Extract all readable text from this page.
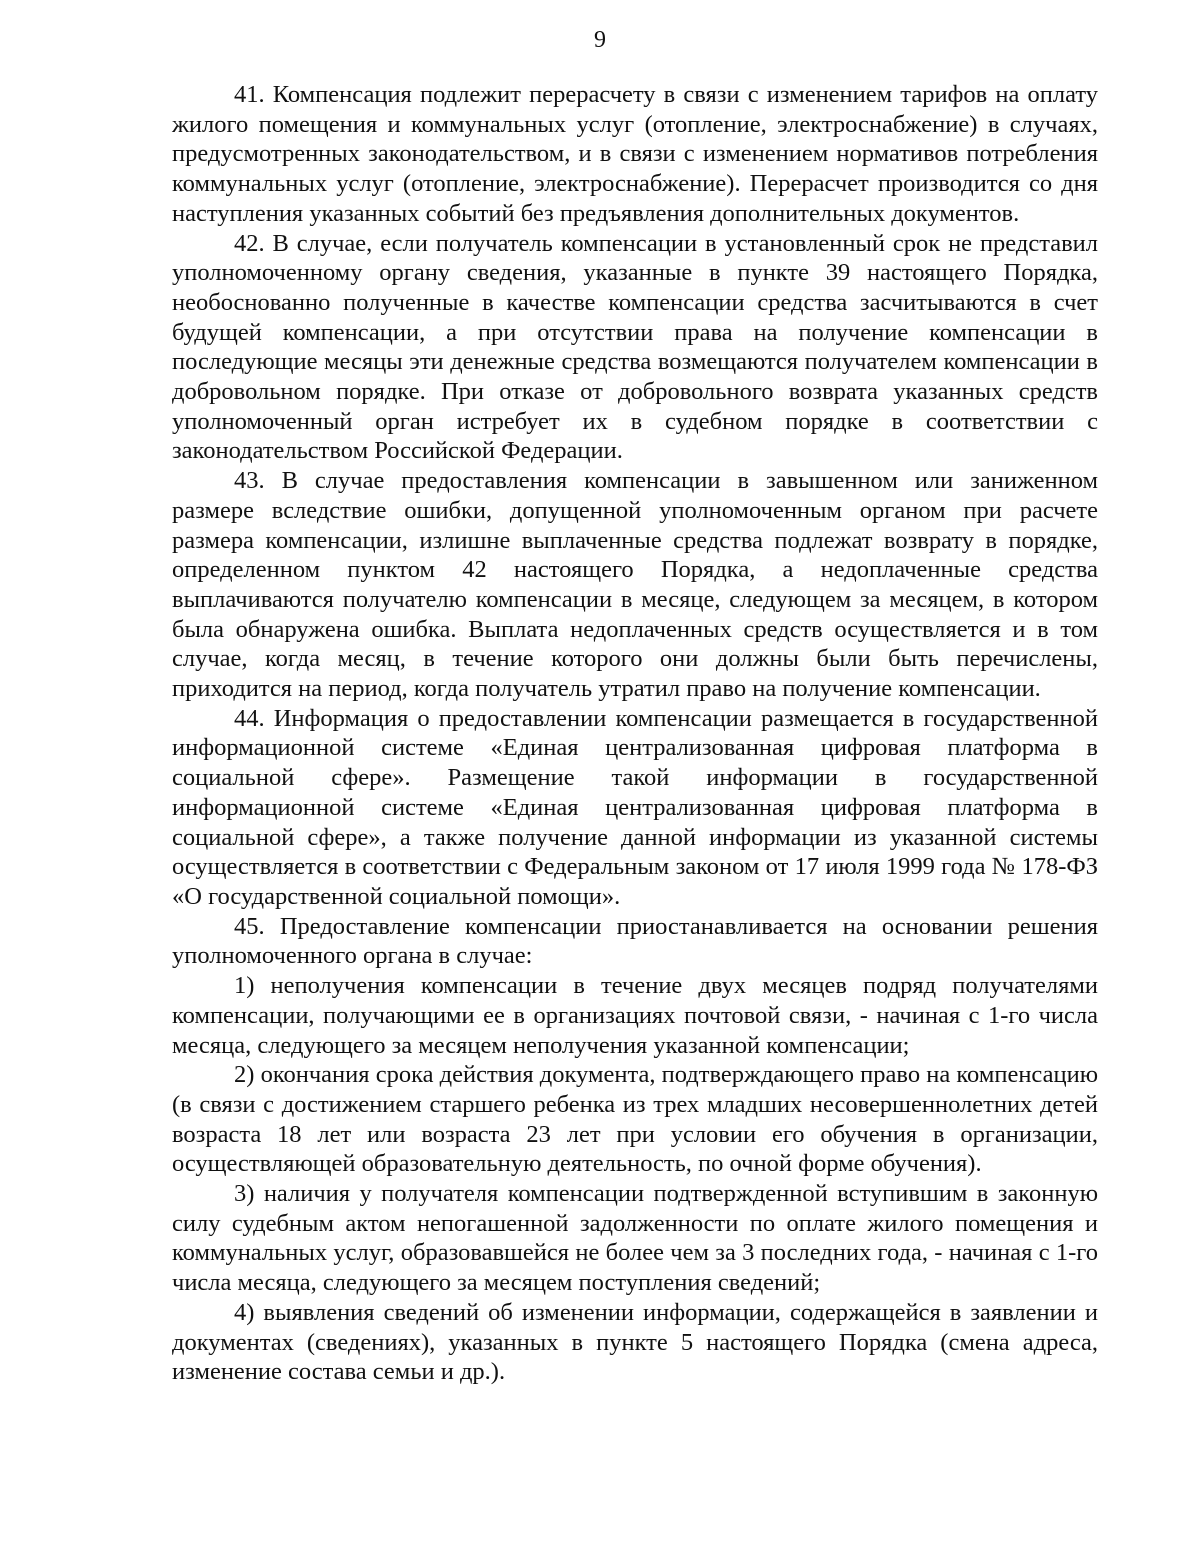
9

41. Компенсация подлежит перерасчету в связи с изменением тарифов на оплату жилого помещения и коммунальных услуг (отопление, электроснабжение) в случаях, предусмотренных законодательством, и в связи с изменением нормативов потребления коммунальных услуг (отопление, электроснабжение). Перерасчет производится со дня наступления указанных событий без предъявления дополнительных документов.

42. В случае, если получатель компенсации в установленный срок не представил уполномоченному органу сведения, указанные в пункте 39 настоящего Порядка, необоснованно полученные в качестве компенсации средства засчитываются в счет будущей компенсации, а при отсутствии права на получение компенсации в последующие месяцы эти денежные средства возмещаются получателем компенсации в добровольном порядке. При отказе от добровольного возврата указанных средств уполномоченный орган истребует их в судебном порядке в соответствии с законодательством Российской Федерации.

43. В случае предоставления компенсации в завышенном или заниженном размере вследствие ошибки, допущенной уполномоченным органом при расчете размера компенсации, излишне выплаченные средства подлежат возврату в порядке, определенном пунктом 42 настоящего Порядка, а недоплаченные средства выплачиваются получателю компенсации в месяце, следующем за месяцем, в котором была обнаружена ошибка. Выплата недоплаченных средств осуществляется и в том случае, когда месяц, в течение которого они должны были быть перечислены, приходится на период, когда получатель утратил право на получение компенсации.

44. Информация о предоставлении компенсации размещается в государственной информационной системе «Единая централизованная цифровая платформа в социальной сфере». Размещение такой информации в государственной информационной системе «Единая централизованная цифровая платформа в социальной сфере», а также получение данной информации из указанной системы осуществляется в соответствии с Федеральным законом от 17 июля 1999 года № 178-ФЗ «О государственной социальной помощи».

45. Предоставление компенсации приостанавливается на основании решения уполномоченного органа в случае:

1) неполучения компенсации в течение двух месяцев подряд получателями компенсации, получающими ее в организациях почтовой связи, - начиная с 1-го числа месяца, следующего за месяцем неполучения указанной компенсации;

2) окончания срока действия документа, подтверждающего право на компенсацию (в связи с достижением старшего ребенка из трех младших несовершеннолетних детей возраста 18 лет или возраста 23 лет при условии его обучения в организации, осуществляющей образовательную деятельность, по очной форме обучения).

3) наличия у получателя компенсации подтвержденной вступившим в законную силу судебным актом непогашенной задолженности по оплате жилого помещения и коммунальных услуг, образовавшейся не более чем за 3 последних года, - начиная с 1-го числа месяца, следующего за месяцем поступления сведений;

4) выявления сведений об изменении информации, содержащейся в заявлении и документах (сведениях), указанных в пункте 5 настоящего Порядка (смена адреса, изменение состава семьи и др.).
